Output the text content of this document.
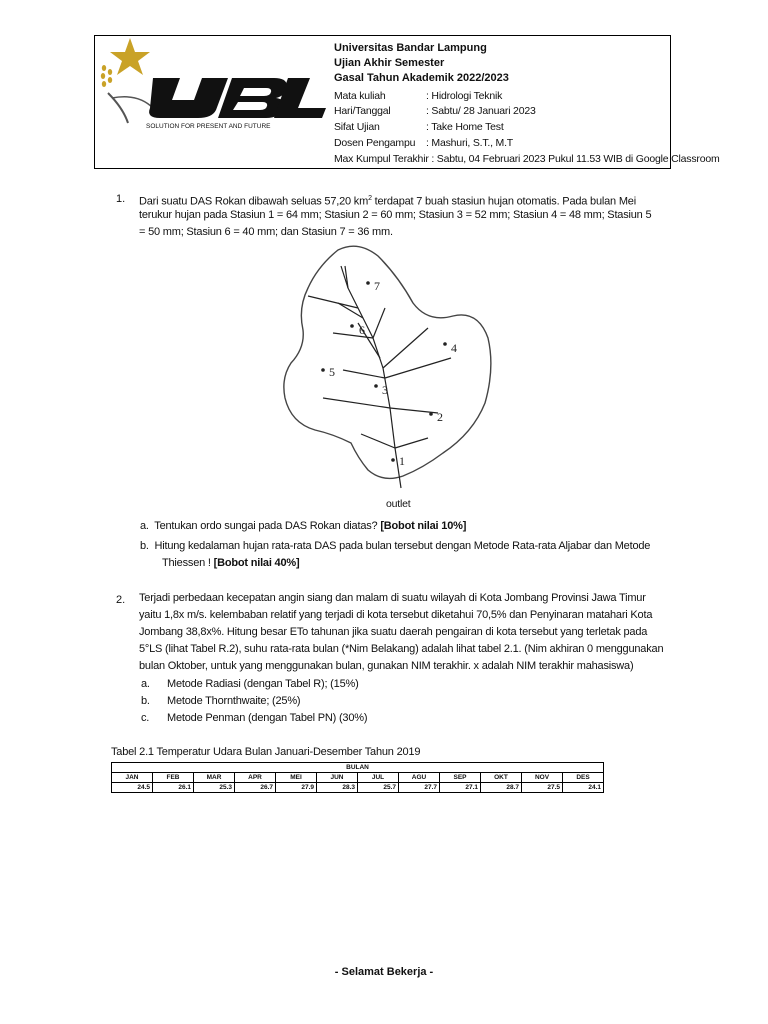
SOLUTION FOR PRESENT AND FUTURE
Universitas Bandar Lampung
Ujian Akhir Semester
Gasal Tahun Akademik 2022/2023
Mata kuliah	: Hidrologi Teknik
Hari/Tanggal	: Sabtu/ 28 Januari 2023
Sifat Ujian	: Take Home Test
Dosen Pengampu : Mashuri, S.T., M.T
Max Kumpul Terakhir : Sabtu, 04 Februari 2023 Pukul 11.53 WIB di Google Classroom
1. Dari suatu DAS Rokan dibawah seluas 57,20 $km^2$ terdapat 7 buah stasiun hujan otomatis. Pada bulan Mei
terukur hujan pada Stasiun 1 = 64 mm; Stasiun 2 = 60 mm; Stasiun 3 = 52 mm; Stasiun 4 = 48 mm; Stasiun 5
= 50 mm; Stasiun 6 = 40 mm; dan Stasiun 7 = 36 mm.
1
2
3
4
5
6
7
outlet
a. Tentukan ordo sungai pada DAS Rokan diatas? [Bobot nilai 10%]
b. Hitung kedalaman hujan rata-rata DAS pada bulan tersebut dengan Metode Rata-rata Aljabar dan Metode
Thiessen ! [Bobot nilai 40%]
2. Terjadi perbedaan kecepatan angin siang dan malam di suatu wilayah di Kota Jombang Provinsi Jawa Timur
yaitu 1,8x m/s. kelembaban relatif yang terjadi di kota tersebut diketahui 70,5% dan Penyinaran matahari Kota
Jombang 38,8x%. Hitung besar ETo tahunan jika suatu daerah pengairan di kota tersebut yang terletak pada
5°LS (lihat Tabel R.2), suhu rata-rata bulan (*Nim Belakang) adalah lihat tabel 2.1. (Nim akhiran 0 menggunakan
bulan Oktober, untuk yang menggunakan bulan, gunakan NIM terakhir. x adalah NIM terakhir mahasiswa)
a. Metode Radiasi (dengan Tabel R); (15%)
b. Metode Thornthwaite; (25%)
c. Metode Penman (dengan Tabel PN) (30%)
Tabel 2.1 Temperatur Udara Bulan Januari-Desember Tahun 2019
BULAN											
JAN	FEB	MAR	APR	MEI	JUN	JUL	AGU	SEP	OKT	NOV	DES
24.5	26.1	25.3	26.7	27.9	28.3	25.7	27.7	27.1	28.7	27.5	24.1
- Selamat Bekerja -
